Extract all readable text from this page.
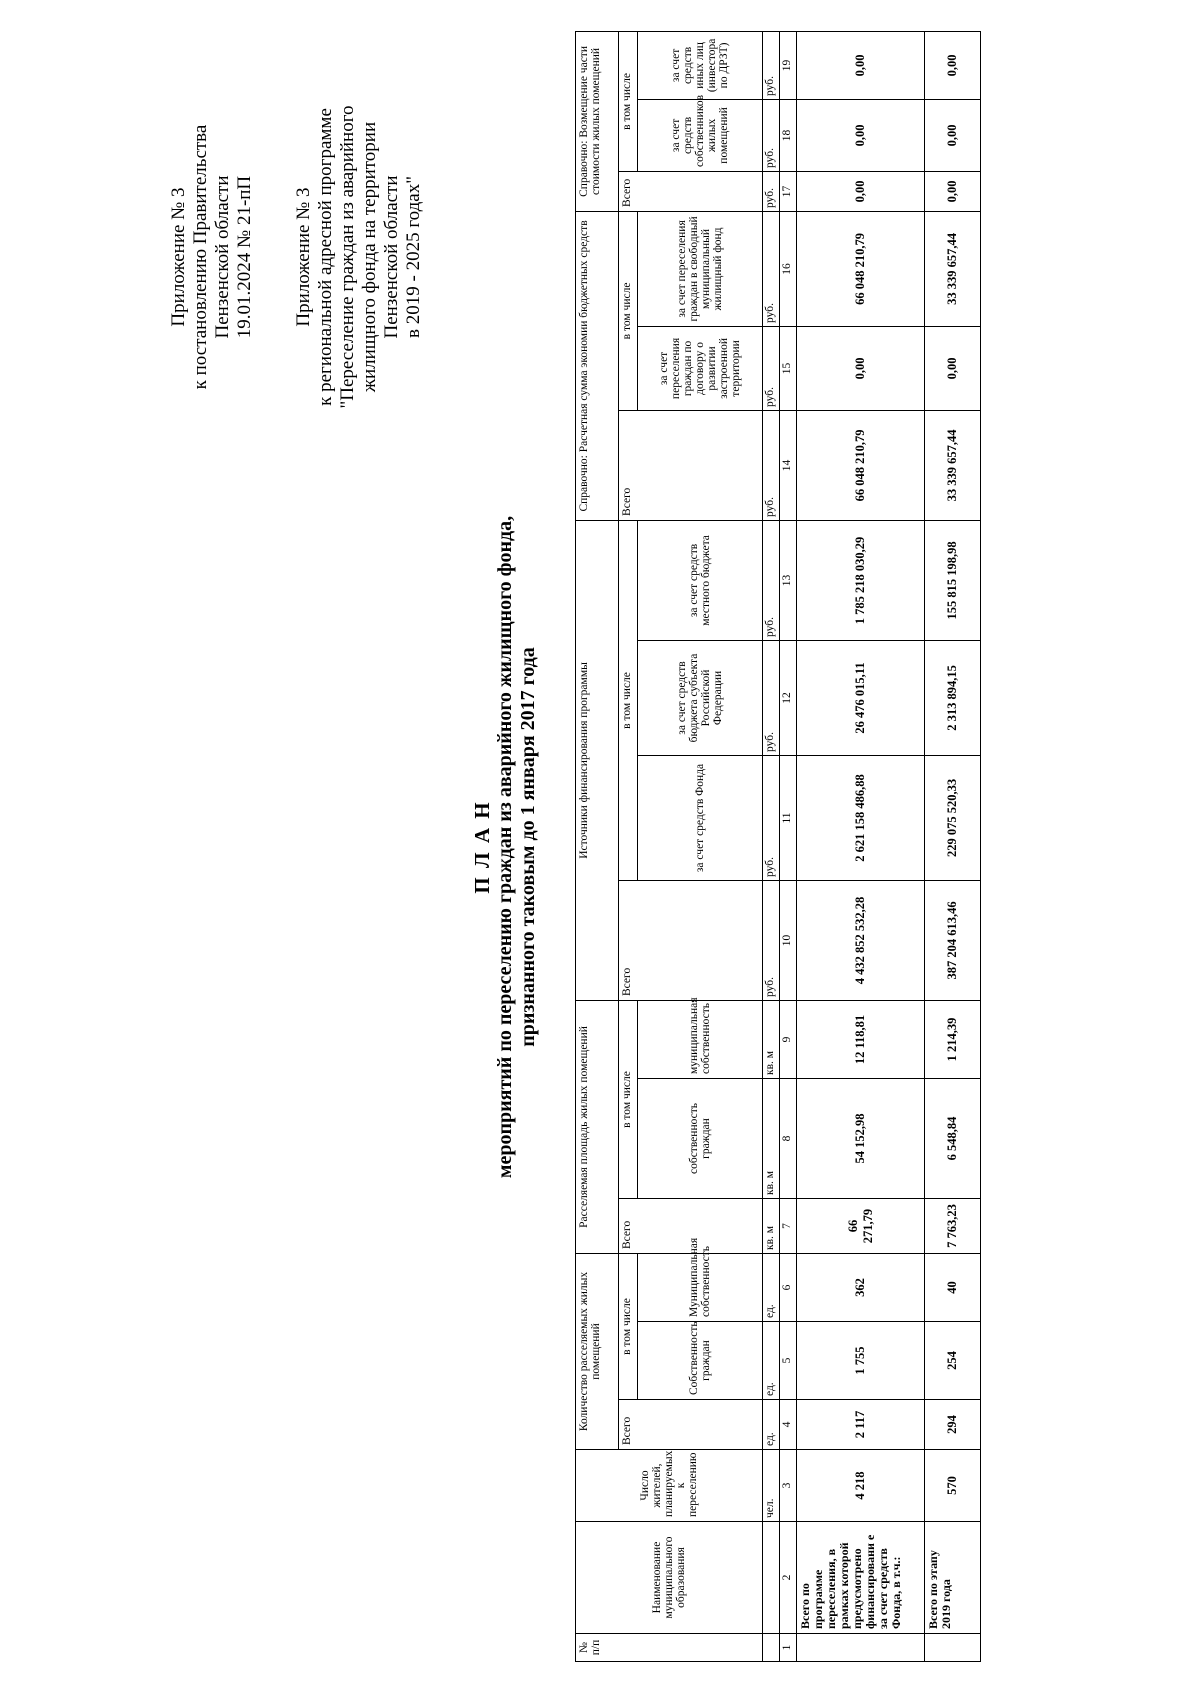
Приложение № 3 к постановлению Правительства Пензенской области 19.01.2024 № 21-пП Приложение № 3 к региональной адресной программе "Переселение граждан из аварийного жилищного фонда на территории Пензенской области в 2019 - 2025 годах"
П Л А Н мероприятий по переселению граждан из аварийного жилищного фонда, признанного таковым до 1 января 2017 года
№ п/п	Наименование муниципального образования	Число жителей, планируемых к переселению	Количество расселяемых жилых помещений			Расселяемая площадь жилых помещений			Источники финансирования программы				Справочно: Расчетная сумма экономии бюджетных средств			Справочно: Возмещение части стоимости жилых помещений		
			Всего	в том числе		Всего	в том числе		Всего	в том числе			Всего	в том числе		Всего	в том числе	
				Собственность граждан	Муниципальная собственность		собственность граждан	муниципальная собственность		за счет средств Фонда	за счет средств бюджета субъекта Российской Федерации	за счет средств местного бюджета		за счет переселения граждан по договору о развитии застроенной территории	за счет переселения граждан в свободный муниципальный жилищный фонд		за счет средств собственников жилых помещений	за счет средств иных лиц (инвестора по ДРЗТ)
		чел.	ед.	ед.	ед.	кв. м	кв. м	кв. м	руб.	руб.	руб.	руб.	руб.	руб.	руб.	руб.	руб.	руб.
1	2	3	4	5	6	7	8	9	10	11	12	13	14	15	16	17	18	19
	Всего по программе переселения, в рамках которой предусмотрено финансировани е за счет средств Фонда, в т.ч.:	4 218	2 117	1 755	362	66 271,79	54 152,98	12 118,81	4 432 852 532,28	2 621 158 486,88	26 476 015,11	1 785 218 030,29	66 048 210,79	0,00	66 048 210,79	0,00	0,00	0,00
	Всего по этапу 2019 года	570	294	254	40	7 763,23	6 548,84	1 214,39	387 204 613,46	229 075 520,33	2 313 894,15	155 815 198,98	33 339 657,44	0,00	33 339 657,44	0,00	0,00	0,00
